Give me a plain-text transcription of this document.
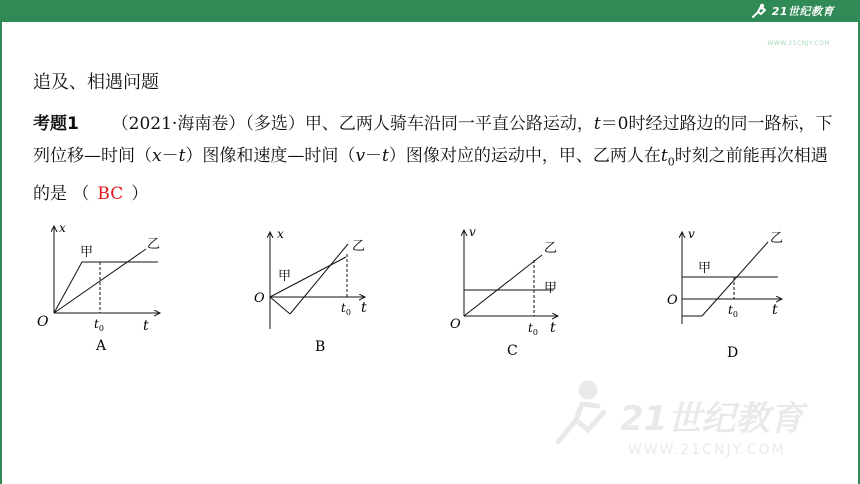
21世纪教育
WWW.21CNJY.COM
追及、相遇问题
考题1 （2021·海南卷）（多选）甲、乙两人骑车沿同一平直公路运动，t＝0时经过路边的同一路标，下列位移—时间（x－t）图像和速度—时间（v－t）图像对应的运动中，甲、乙两人在$t_0$时刻之前能再次相遇的是 （ BC ）
x
O	t
$t_0$
甲
乙
A
x
O
t
$t_0$
甲
乙
B
v
O	t
$t_0$
甲
乙
C
v
O
t
$t_0$
甲
乙
D
21世纪教育
WWW.21CNJY.COM
